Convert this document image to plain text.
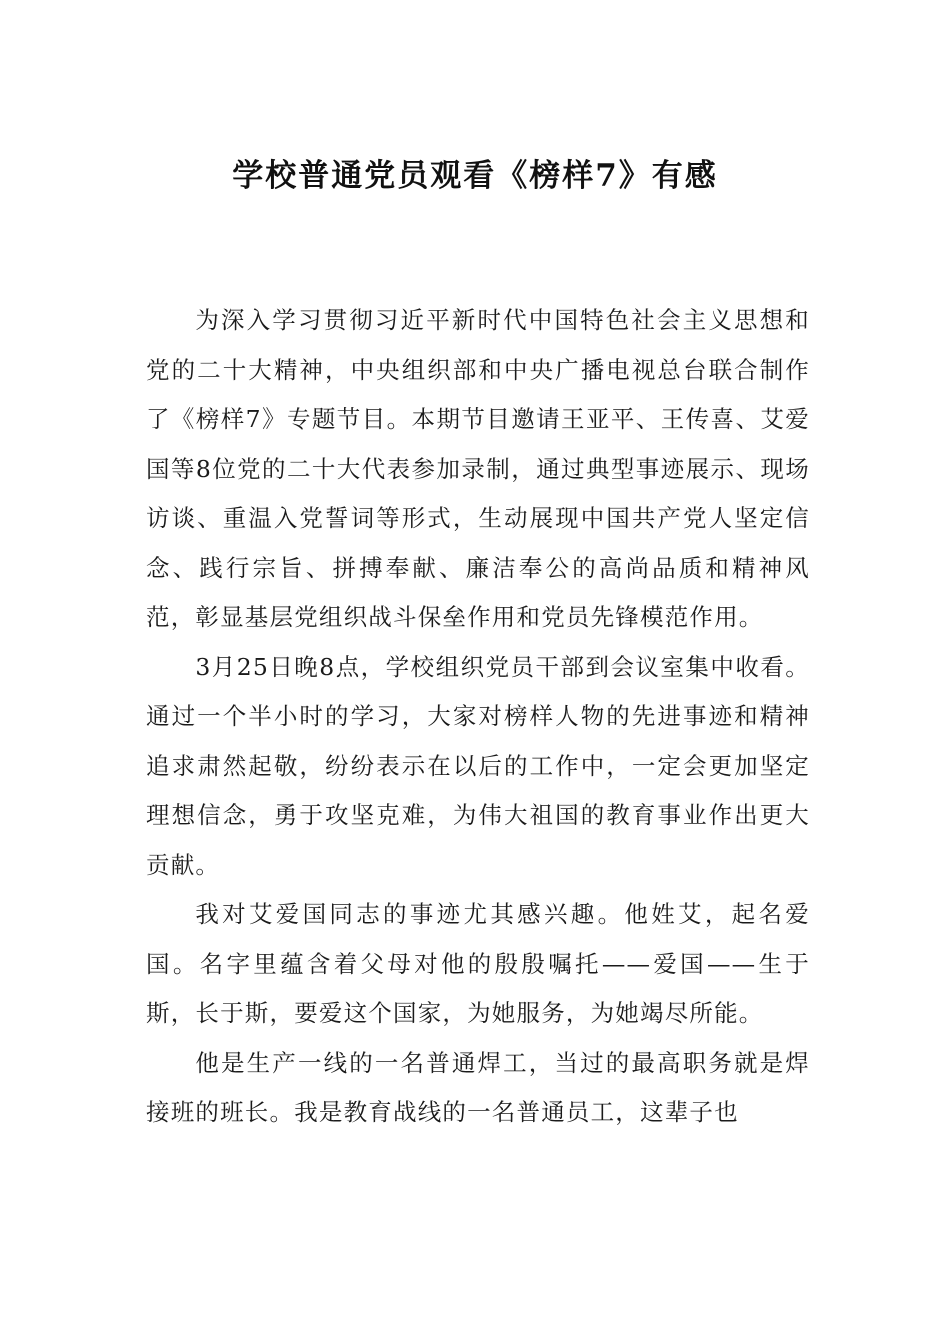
学校普通党员观看《榜样7》有感

为深入学习贯彻习近平新时代中国特色社会主义思想和党的二十大精神，中央组织部和中央广播电视总台联合制作了《榜样7》专题节目。本期节目邀请王亚平、王传喜、艾爱国等8位党的二十大代表参加录制，通过典型事迹展示、现场访谈、重温入党誓词等形式，生动展现中国共产党人坚定信念、践行宗旨、拼搏奉献、廉洁奉公的高尚品质和精神风范，彰显基层党组织战斗保垒作用和党员先锋模范作用。

3月25日晚8点，学校组织党员干部到会议室集中收看。通过一个半小时的学习，大家对榜样人物的先进事迹和精神追求肃然起敬，纷纷表示在以后的工作中，一定会更加坚定理想信念，勇于攻坚克难，为伟大祖国的教育事业作出更大贡献。

我对艾爱国同志的事迹尤其感兴趣。他姓艾，起名爱国。名字里蕴含着父母对他的殷殷嘱托——爱国——生于斯，长于斯，要爱这个国家，为她服务，为她竭尽所能。

他是生产一线的一名普通焊工，当过的最高职务就是焊接班的班长。我是教育战线的一名普通员工，这辈子也
